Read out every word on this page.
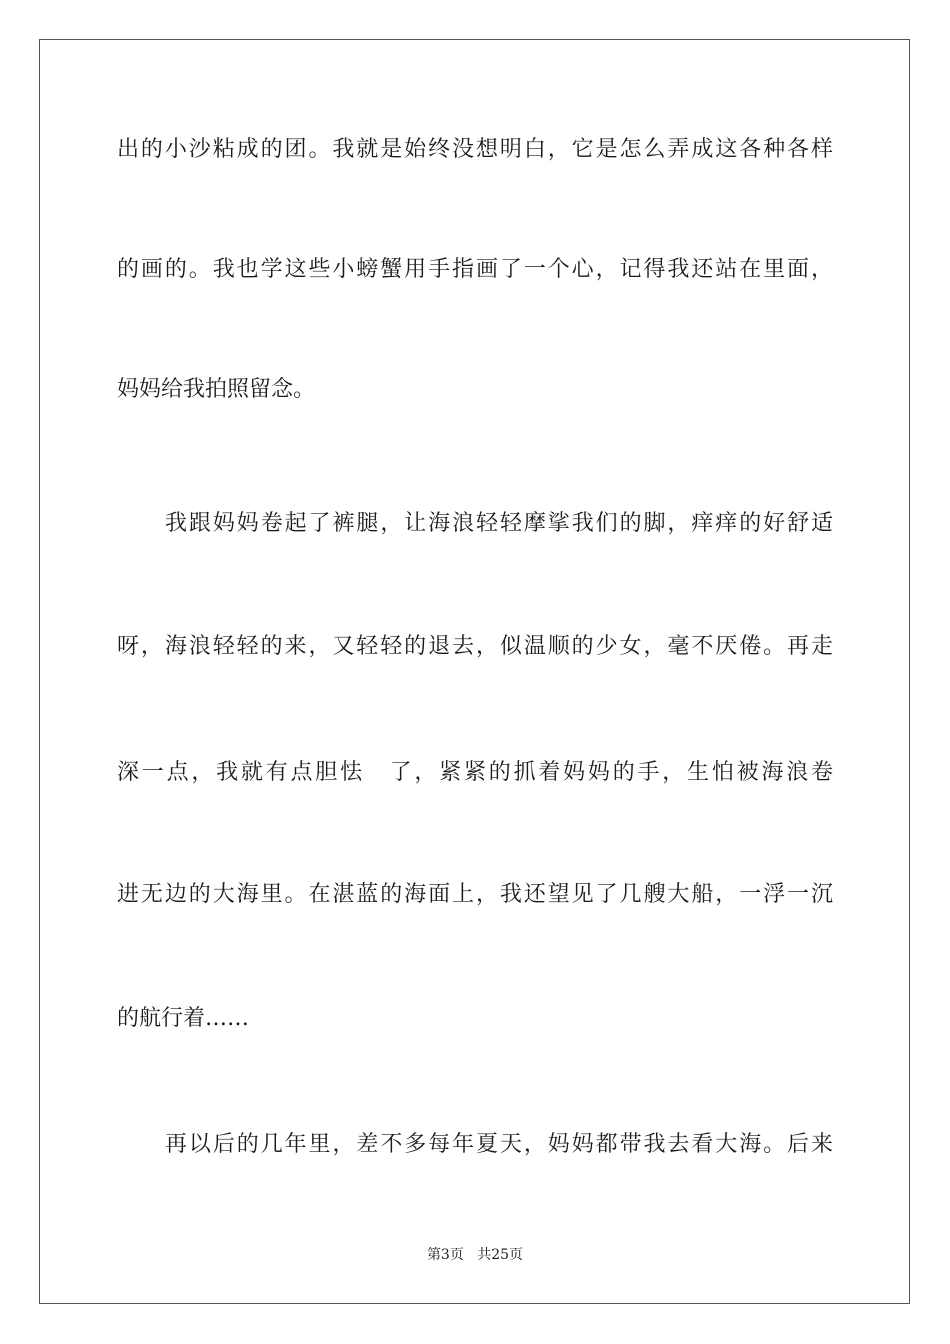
出的小沙粘成的团。我就是始终没想明白，它是怎么弄成这各种各样
的画的。我也学这些小螃蟹用手指画了一个心，记得我还站在里面，
妈妈给我拍照留念。
我跟妈妈卷起了裤腿，让海浪轻轻摩挲我们的脚，痒痒的好舒适
呀，海浪轻轻的来，又轻轻的退去，似温顺的少女，毫不厌倦。再走
深一点，我就有点胆怯　了，紧紧的抓着妈妈的手，生怕被海浪卷
进无边的大海里。在湛蓝的海面上，我还望见了几艘大船，一浮一沉
的航行着……
再以后的几年里，差不多每年夏天，妈妈都带我去看大海。后来
第3页 共25页
